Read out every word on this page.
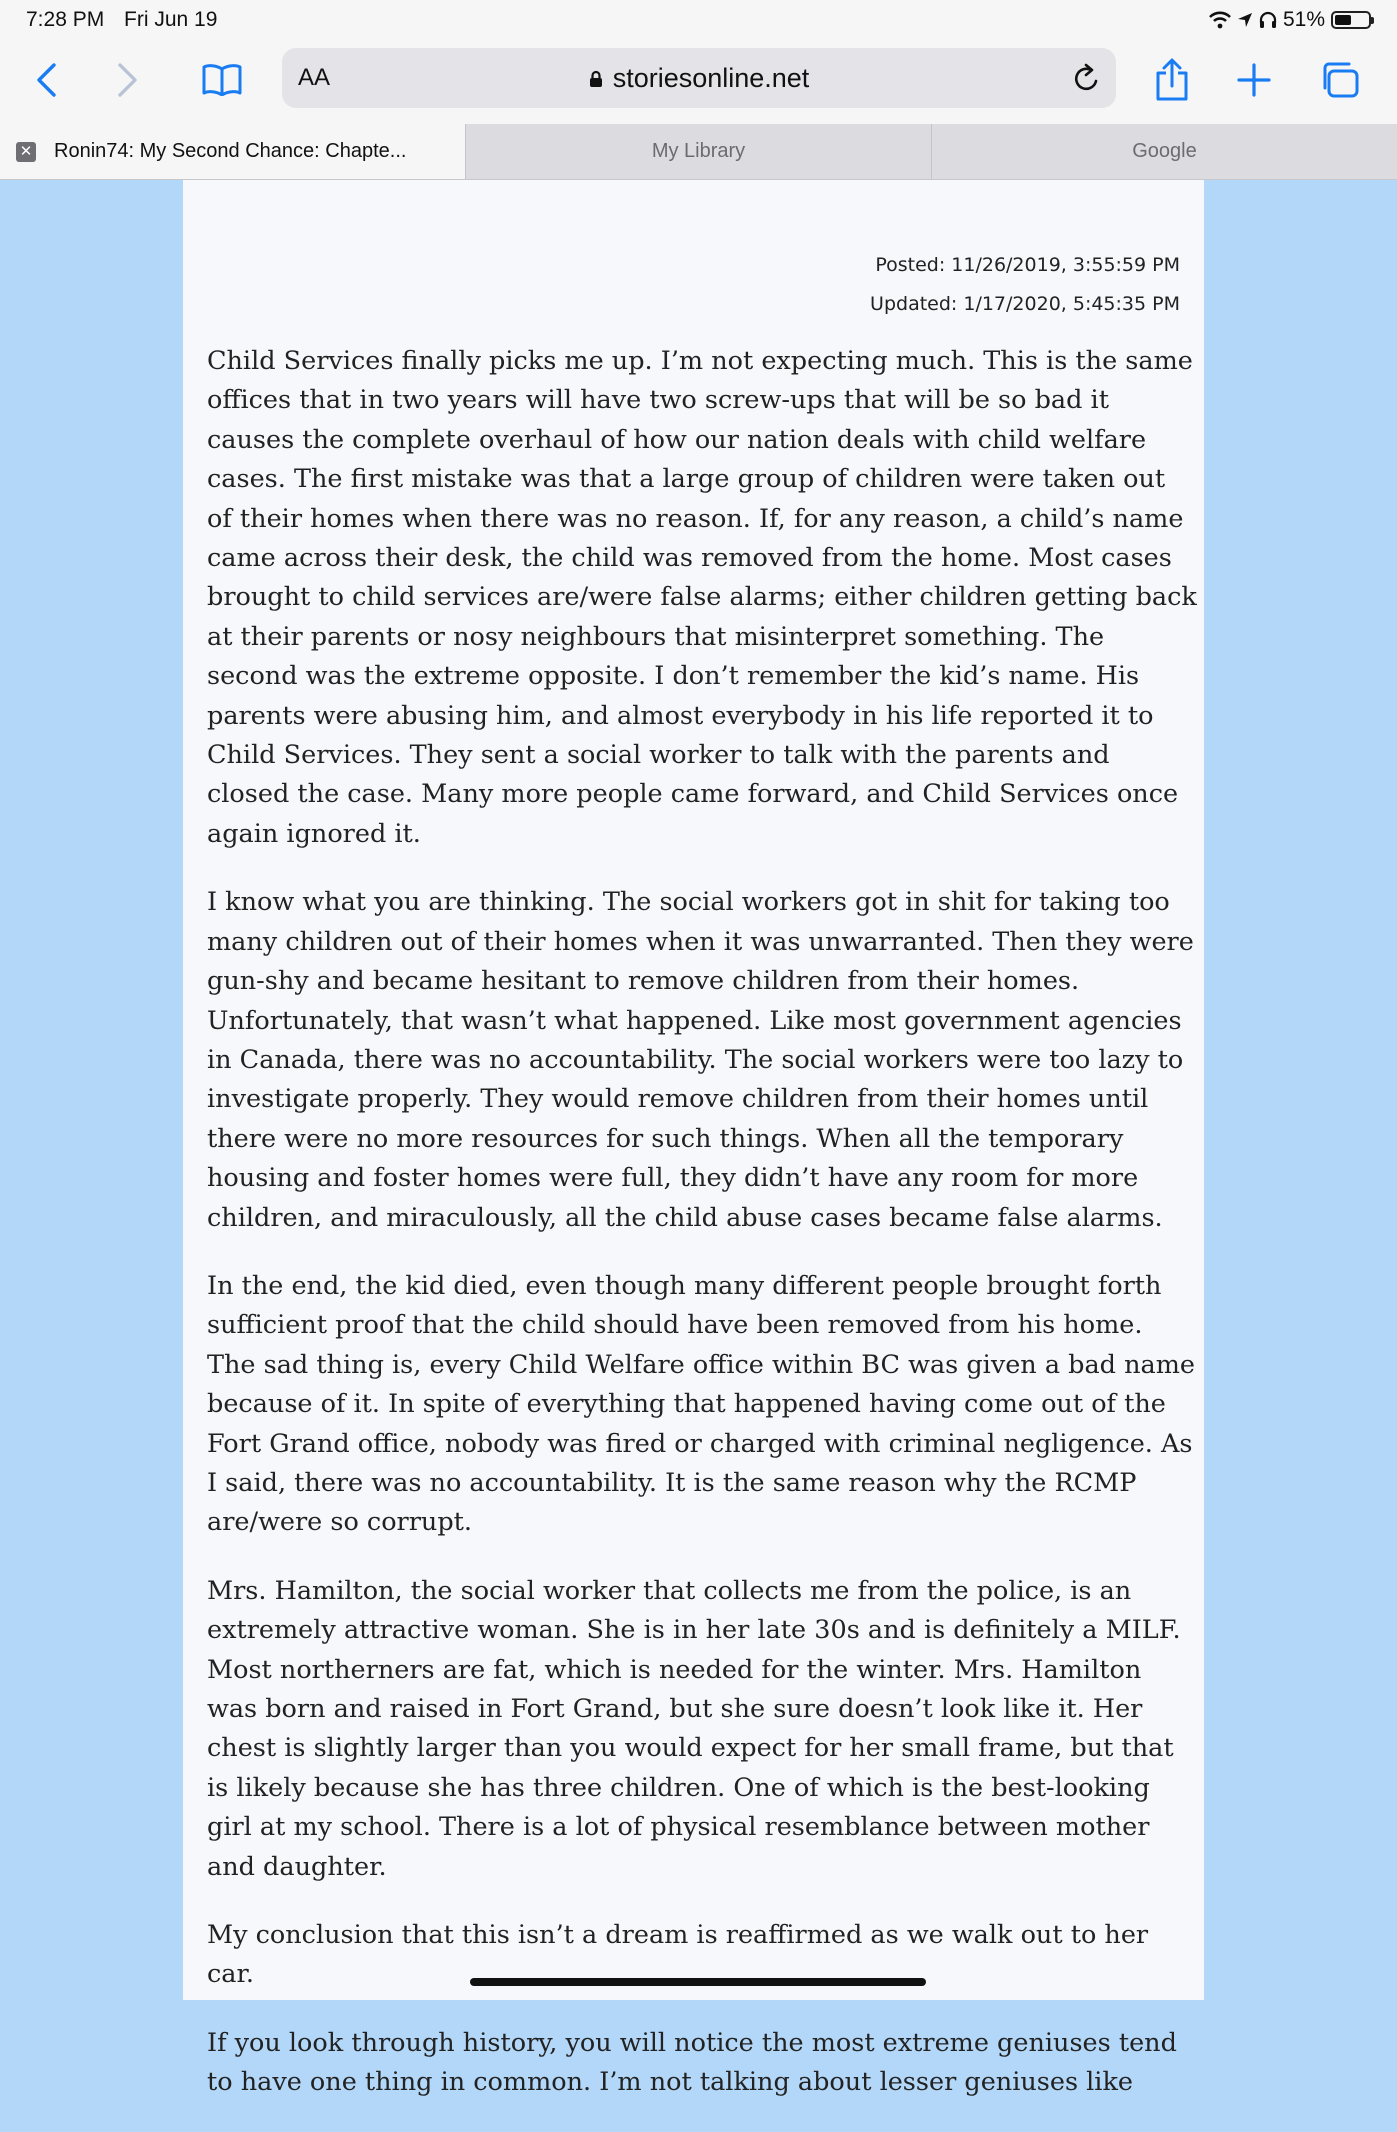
7:28 PM Fri Jun 19	51%
AA	storiesonline.net
✕ Ronin74: My Second Chance: Chapte...	My Library	Google
Posted: 11/26/2019, 3:55:59 PM
Updated: 1/17/2020, 5:45:35 PM

Child Services finally picks me up. I’m not expecting much. This is the same offices that in two years will have two screw-ups that will be so bad it causes the complete overhaul of how our nation deals with child welfare cases. The first mistake was that a large group of children were taken out of their homes when there was no reason. If, for any reason, a child’s name came across their desk, the child was removed from the home. Most cases brought to child services are/were false alarms; either children getting back at their parents or nosy neighbours that misinterpret something. The second was the extreme opposite. I don’t remember the kid’s name. His parents were abusing him, and almost everybody in his life reported it to Child Services. They sent a social worker to talk with the parents and closed the case. Many more people came forward, and Child Services once again ignored it.

I know what you are thinking. The social workers got in shit for taking too many children out of their homes when it was unwarranted. Then they were gun-shy and became hesitant to remove children from their homes. Unfortunately, that wasn’t what happened. Like most government agencies in Canada, there was no accountability. The social workers were too lazy to investigate properly. They would remove children from their homes until there were no more resources for such things. When all the temporary housing and foster homes were full, they didn’t have any room for more children, and miraculously, all the child abuse cases became false alarms.

In the end, the kid died, even though many different people brought forth sufficient proof that the child should have been removed from his home. The sad thing is, every Child Welfare office within BC was given a bad name because of it. In spite of everything that happened having come out of the Fort Grand office, nobody was fired or charged with criminal negligence. As I said, there was no accountability. It is the same reason why the RCMP are/were so corrupt.

Mrs. Hamilton, the social worker that collects me from the police, is an extremely attractive woman. She is in her late 30s and is definitely a MILF. Most northerners are fat, which is needed for the winter. Mrs. Hamilton was born and raised in Fort Grand, but she sure doesn’t look like it. Her chest is slightly larger than you would expect for her small frame, but that is likely because she has three children. One of which is the best-looking girl at my school. There is a lot of physical resemblance between mother and daughter.

My conclusion that this isn’t a dream is reaffirmed as we walk out to her car.

If you look through history, you will notice the most extreme geniuses tend to have one thing in common. I’m not talking about lesser geniuses like
